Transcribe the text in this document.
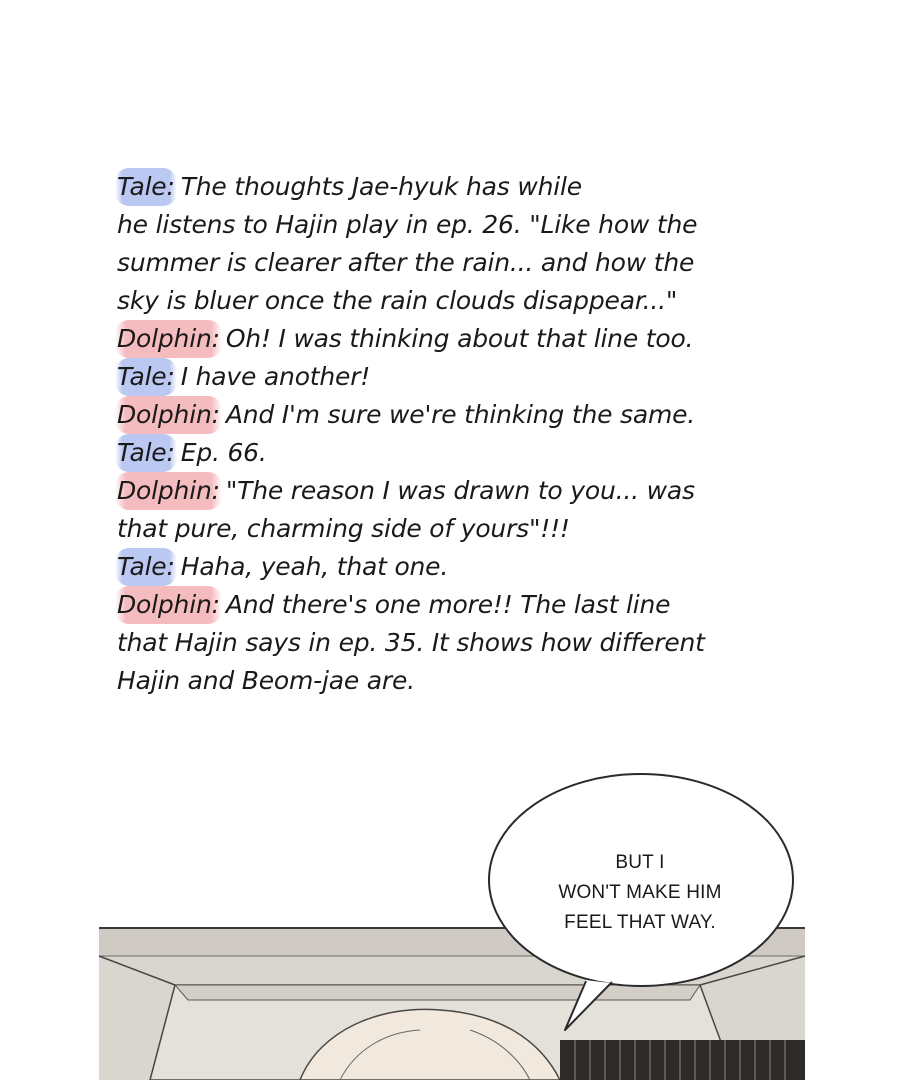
Tale: The thoughts Jae-hyuk has while
he listens to Hajin play in ep. 26. "Like how the
summer is clearer after the rain... and how the
sky is bluer once the rain clouds disappear..."
Dolphin: Oh! I was thinking about that line too.
Tale: I have another!
Dolphin: And I'm sure we're thinking the same.
Tale: Ep. 66.
Dolphin: "The reason I was drawn to you... was
that pure, charming side of yours"!!!
Tale: Haha, yeah, that one.
Dolphin: And there's one more!! The last line
that Hajin says in ep. 35. It shows how different
Hajin and Beom-jae are.
BUT I
WON'T MAKE HIM
FEEL THAT WAY.
